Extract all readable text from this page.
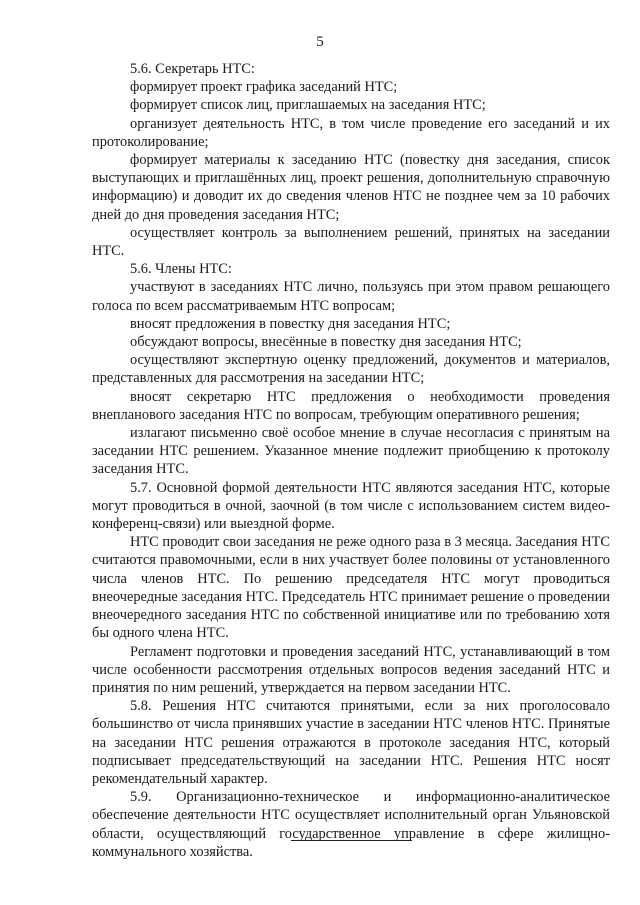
5

5.6. Секретарь НТС:

формирует проект графика заседаний НТС;

формирует список лиц, приглашаемых на заседания НТС;

организует деятельность НТС, в том числе проведение его заседаний и их протоколирование;

формирует материалы к заседанию НТС (повестку дня заседания, список выступающих и приглашённых лиц, проект решения, дополнительную справочную информацию) и доводит их до сведения членов НТС не позднее чем за 10 рабочих дней до дня проведения заседания НТС;

осуществляет контроль за выполнением решений, принятых на заседании НТС.

5.6. Члены НТС:

участвуют в заседаниях НТС лично, пользуясь при этом правом решающего голоса по всем рассматриваемым НТС вопросам;

вносят предложения в повестку дня заседания НТС;

обсуждают вопросы, внесённые в повестку дня заседания НТС;

осуществляют экспертную оценку предложений, документов и материалов, представленных для рассмотрения на заседании НТС;

вносят секретарю НТС предложения о необходимости проведения внепланового заседания НТС по вопросам, требующим оперативного решения;

излагают письменно своё особое мнение в случае несогласия с принятым на заседании НТС решением. Указанное мнение подлежит приобщению к протоколу заседания НТС.

5.7. Основной формой деятельности НТС являются заседания НТС, которые могут проводиться в очной, заочной (в том числе с использованием систем видео-конференц-связи) или выездной форме.

НТС проводит свои заседания не реже одного раза в 3 месяца. Заседания НТС считаются правомочными, если в них участвует более половины от установленного числа членов НТС. По решению председателя НТС могут проводиться внеочередные заседания НТС. Председатель НТС принимает решение о проведении внеочередного заседания НТС по собственной инициативе или по требованию хотя бы одного члена НТС.

Регламент подготовки и проведения заседаний НТС, устанавливающий в том числе особенности рассмотрения отдельных вопросов ведения заседаний НТС и принятия по ним решений, утверждается на первом заседании НТС.

5.8. Решения НТС считаются принятыми, если за них проголосовало большинство от числа принявших участие в заседании НТС членов НТС. Принятые на заседании НТС решения отражаются в протоколе заседания НТС, который подписывает председательствующий на заседании НТС. Решения НТС носят рекомендательный характер.

5.9. Организационно-техническое и информационно-аналитическое обеспечение деятельности НТС осуществляет исполнительный орган Ульяновской области, осуществляющий государственное управление в сфере жилищно-коммунального хозяйства.
